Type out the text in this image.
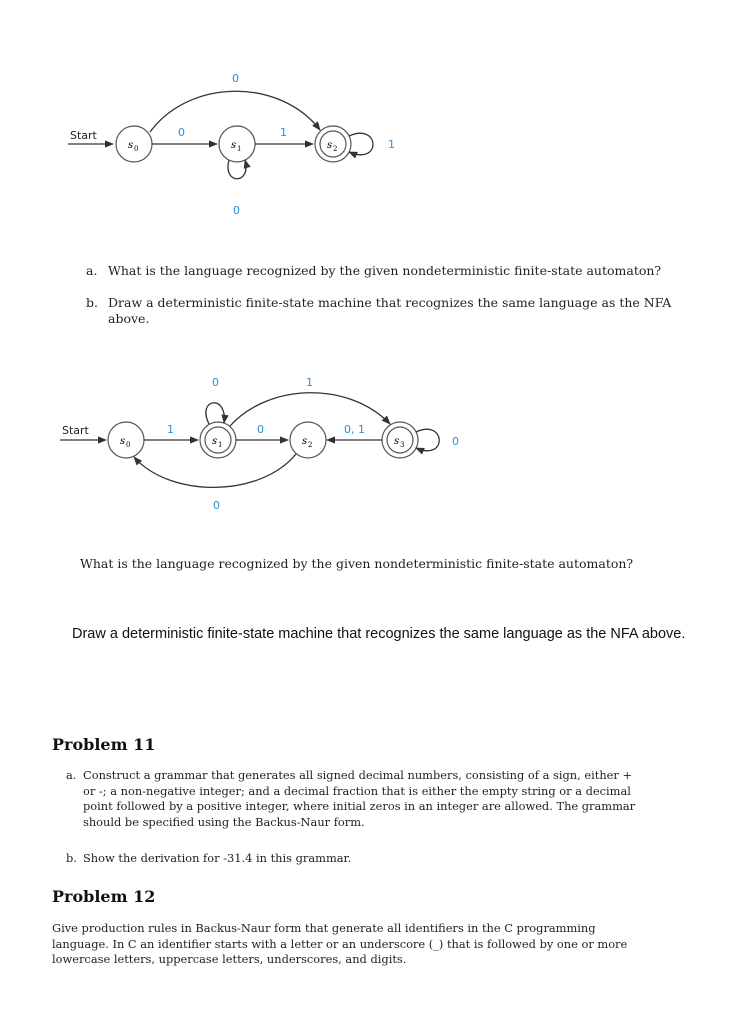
Start
s 0	s 1	s 2
0	1
0
0
1
a. What is the language recognized by the given nondeterministic finite-state automaton?
b. Draw a deterministic finite-state machine that recognizes the same language as the NFA above.
Start
s 0	s 1	s 2	s 3
1
0
0
1
0, 1
0
0
What is the language recognized by the given nondeterministic finite-state automaton?
Draw a deterministic finite-state machine that recognizes the same language as the NFA above.
Problem 11
a. Construct a grammar that generates all signed decimal numbers, consisting of a sign, either + or -; a non-negative integer; and a decimal fraction that is either the empty string or a decimal point followed by a positive integer, where initial zeros in an integer are allowed. The grammar should be specified using the Backus-Naur form.
b. Show the derivation for -31.4 in this grammar.
Problem 12
Give production rules in Backus-Naur form that generate all identifiers in the C programming language. In C an identifier starts with a letter or an underscore (_) that is followed by one or more lowercase letters, uppercase letters, underscores, and digits.
